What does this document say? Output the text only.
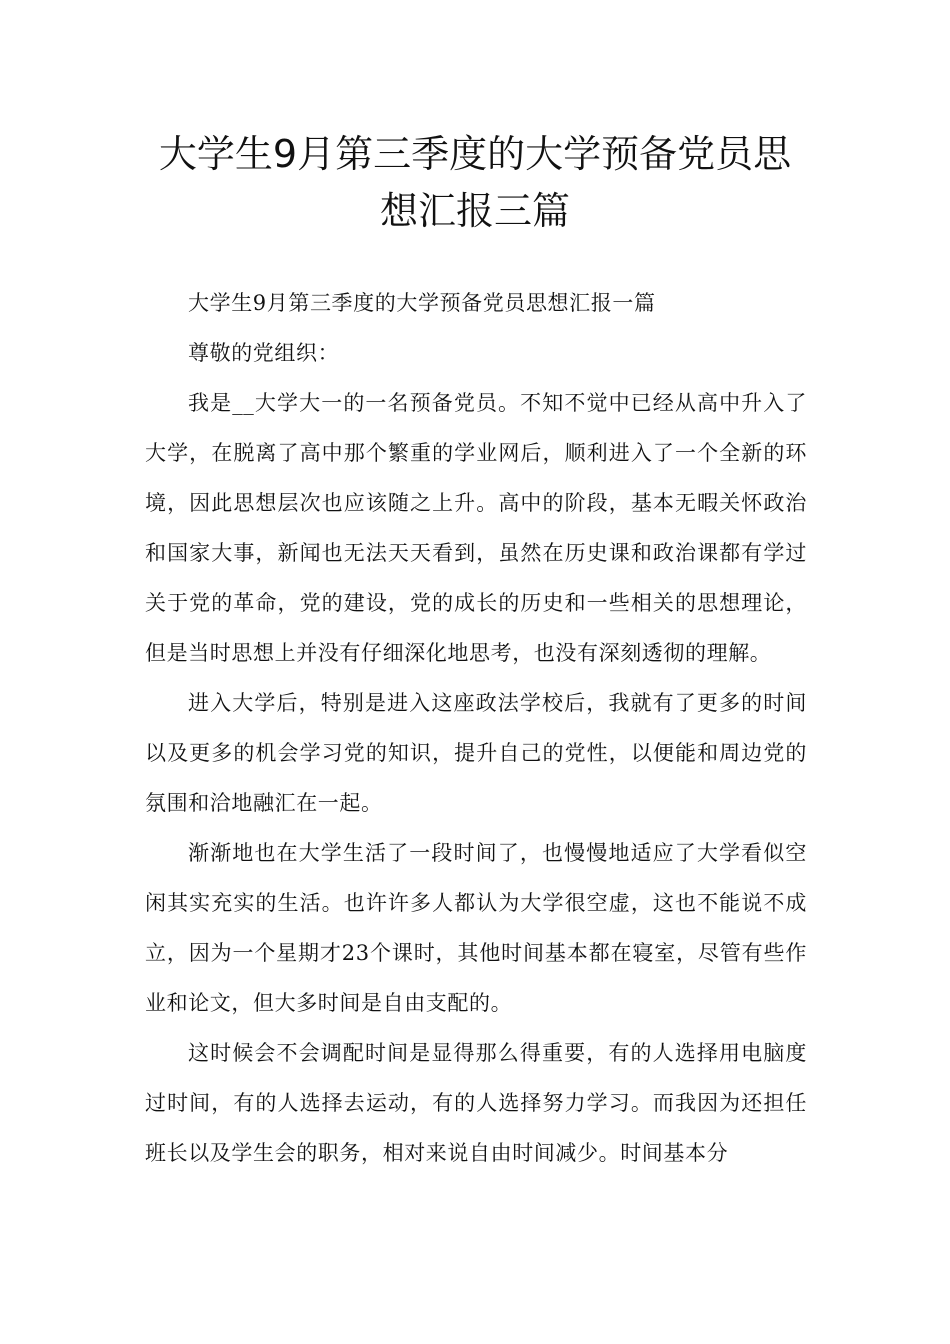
大学生9月第三季度的大学预备党员思想汇报三篇

大学生9月第三季度的大学预备党员思想汇报一篇

尊敬的党组织：

我是__大学大一的一名预备党员。不知不觉中已经从高中升入了大学，在脱离了高中那个繁重的学业网后，顺利进入了一个全新的环境，因此思想层次也应该随之上升。高中的阶段，基本无暇关怀政治和国家大事，新闻也无法天天看到，虽然在历史课和政治课都有学过关于党的革命，党的建设，党的成长的历史和一些相关的思想理论，但是当时思想上并没有仔细深化地思考，也没有深刻透彻的理解。

进入大学后，特别是进入这座政法学校后，我就有了更多的时间以及更多的机会学习党的知识，提升自己的党性，以便能和周边党的氛围和洽地融汇在一起。

渐渐地也在大学生活了一段时间了，也慢慢地适应了大学看似空闲其实充实的生活。也许许多人都认为大学很空虚，这也不能说不成立，因为一个星期才23个课时，其他时间基本都在寝室，尽管有些作业和论文，但大多时间是自由支配的。

这时候会不会调配时间是显得那么得重要，有的人选择用电脑度过时间，有的人选择去运动，有的人选择努力学习。而我因为还担任班长以及学生会的职务，相对来说自由时间减少。时间基本分
